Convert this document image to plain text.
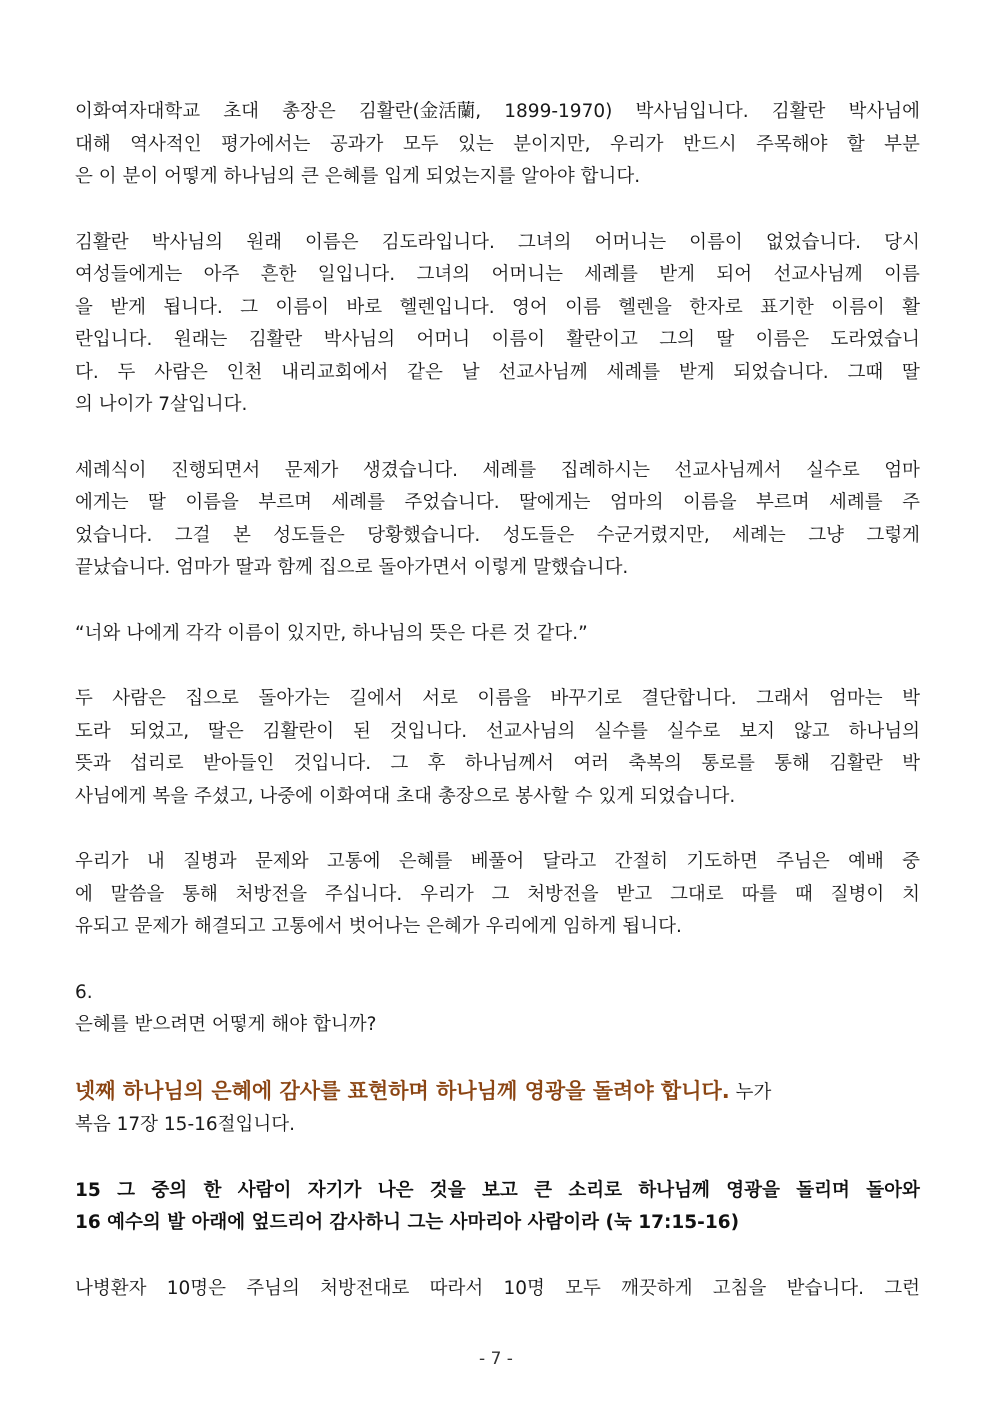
이화여자대학교 초대 총장은 김활란(金活蘭, 1899-1970) 박사님입니다. 김활란 박사님에
대해 역사적인 평가에서는 공과가 모두 있는 분이지만, 우리가 반드시 주목해야 할 부분
은 이 분이 어떻게 하나님의 큰 은혜를 입게 되었는지를 알아야 합니다.
김활란 박사님의 원래 이름은 김도라입니다. 그녀의 어머니는 이름이 없었습니다. 당시
여성들에게는 아주 흔한 일입니다. 그녀의 어머니는 세례를 받게 되어 선교사님께 이름
을 받게 됩니다. 그 이름이 바로 헬렌입니다. 영어 이름 헬렌을 한자로 표기한 이름이 활
란입니다. 원래는 김활란 박사님의 어머니 이름이 활란이고 그의 딸 이름은 도라였습니
다. 두 사람은 인천 내리교회에서 같은 날 선교사님께 세례를 받게 되었습니다. 그때 딸
의 나이가 7살입니다.
세례식이 진행되면서 문제가 생겼습니다. 세례를 집례하시는 선교사님께서 실수로 엄마
에게는 딸 이름을 부르며 세례를 주었습니다. 딸에게는 엄마의 이름을 부르며 세례를 주
었습니다. 그걸 본 성도들은 당황했습니다. 성도들은 수군거렸지만, 세례는 그냥 그렇게
끝났습니다. 엄마가 딸과 함께 집으로 돌아가면서 이렇게 말했습니다.
“너와 나에게 각각 이름이 있지만, 하나님의 뜻은 다른 것 같다.”
두 사람은 집으로 돌아가는 길에서 서로 이름을 바꾸기로 결단합니다. 그래서 엄마는 박
도라 되었고, 딸은 김활란이 된 것입니다. 선교사님의 실수를 실수로 보지 않고 하나님의
뜻과 섭리로 받아들인 것입니다. 그 후 하나님께서 여러 축복의 통로를 통해 김활란 박
사님에게 복을 주셨고, 나중에 이화여대 초대 총장으로 봉사할 수 있게 되었습니다.
우리가 내 질병과 문제와 고통에 은혜를 베풀어 달라고 간절히 기도하면 주님은 예배 중
에 말씀을 통해 처방전을 주십니다. 우리가 그 처방전을 받고 그대로 따를 때 질병이 치
유되고 문제가 해결되고 고통에서 벗어나는 은혜가 우리에게 임하게 됩니다.
6.
은혜를 받으려면 어떻게 해야 합니까?
넷째 하나님의 은혜에 감사를 표현하며 하나님께 영광을 돌려야 합니다. 누가
복음 17장 15-16절입니다.
15 그 중의 한 사람이 자기가 나은 것을 보고 큰 소리로 하나님께 영광을 돌리며 돌아와
16 예수의 발 아래에 엎드리어 감사하니 그는 사마리아 사람이라 (눅 17:15-16)
나병환자 10명은 주님의 처방전대로 따라서 10명 모두 깨끗하게 고침을 받습니다. 그런
- 7 -
